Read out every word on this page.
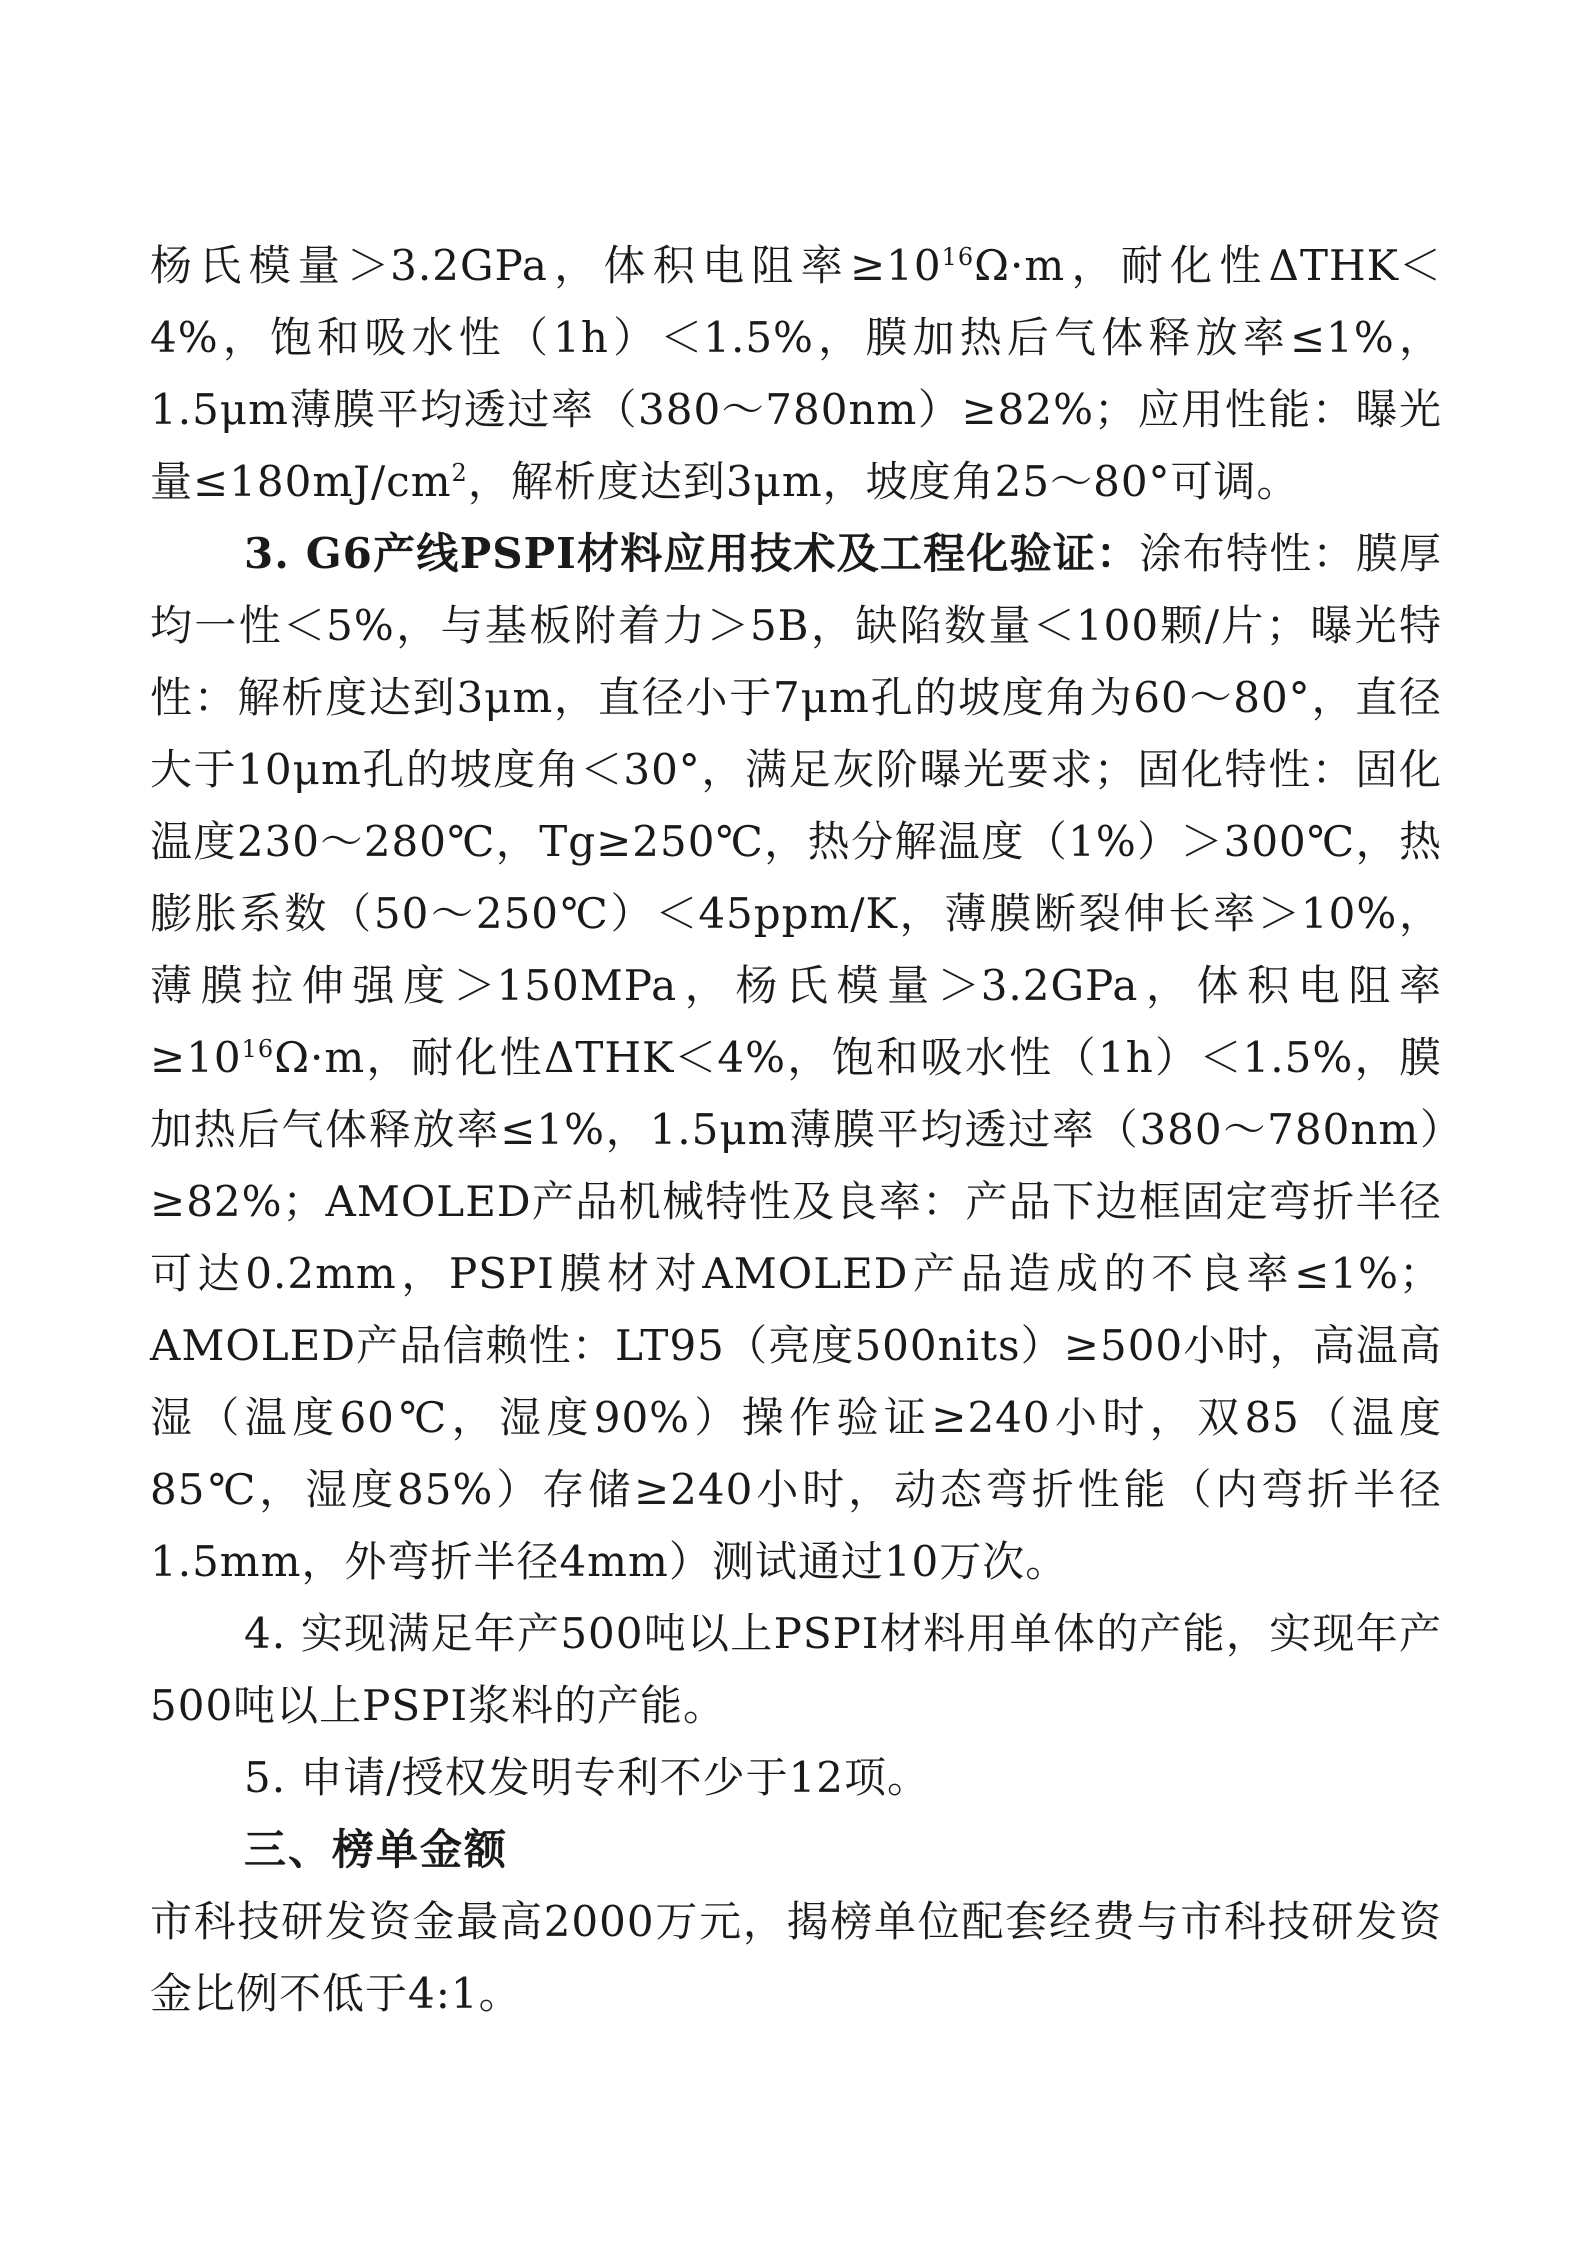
杨氏模量＞3.2GPa，体积电阻率$\ge 10^{16}\Omega\cdot m$，耐化性ΔTHK＜4%，饱和吸水性（1h）＜1.5%，膜加热后气体释放率≤1%，1.5μm薄膜平均透过率（380～780nm）≥82%；应用性能：曝光量$\le 180mJ/cm^2$，解析度达到3μm，坡度角25～80°可调。

3. G6产线PSPI材料应用技术及工程化验证：涂布特性：膜厚均一性＜5%，与基板附着力＞5B，缺陷数量＜100颗/片；曝光特性：解析度达到3μm，直径小于7μm孔的坡度角为60～80°，直径大于10μm孔的坡度角＜30°，满足灰阶曝光要求；固化特性：固化温度230～280℃，Tg≥250℃，热分解温度（1%）＞300℃，热膨胀系数（50～250℃）＜45ppm/K，薄膜断裂伸长率＞10%，薄膜拉伸强度＞150MPa，杨氏模量＞3.2GPa，体积电阻率$\ge 10^{16}\Omega\cdot m$，耐化性ΔTHK＜4%，饱和吸水性（1h）＜1.5%，膜加热后气体释放率≤1%，1.5μm薄膜平均透过率（380～780nm）≥82%；AMOLED产品机械特性及良率：产品下边框固定弯折半径可达0.2mm，PSPI膜材对AMOLED产品造成的不良率≤1%；AMOLED产品信赖性：LT95（亮度500nits）≥500小时，高温高湿（温度60℃，湿度90%）操作验证≥240小时，双85（温度85℃，湿度85%）存储≥240小时，动态弯折性能（内弯折半径1.5mm，外弯折半径4mm）测试通过10万次。

4. 实现满足年产500吨以上PSPI材料用单体的产能，实现年产500吨以上PSPI浆料的产能。

5. 申请/授权发明专利不少于12项。

三、榜单金额

市科技研发资金最高2000万元，揭榜单位配套经费与市科技研发资金比例不低于4:1。
